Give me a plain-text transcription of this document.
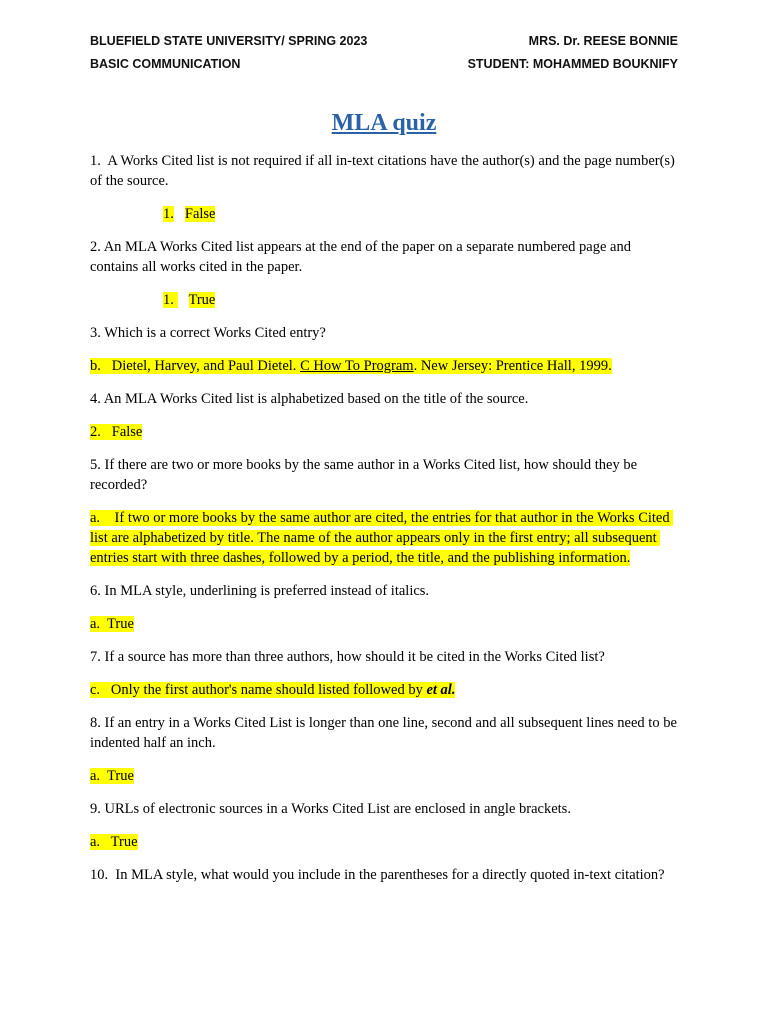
BLUEFIELD STATE UNIVERSITY/ SPRING 2023
BASIC COMMUNICATION
MRS. Dr. REESE BONNIE
STUDENT: MOHAMMED BOUKNIFY
MLA quiz

1.  A Works Cited list is not required if all in-text citations have the author(s) and the page number(s) of the source.

1. False

2. An MLA Works Cited list appears at the end of the paper on a separate numbered page and contains all works cited in the paper.

1. True

3. Which is a correct Works Cited entry?

b.   Dietel, Harvey, and Paul Dietel. C How To Program. New Jersey: Prentice Hall, 1999.

4. An MLA Works Cited list is alphabetized based on the title of the source.

2.   False

5. If there are two or more books by the same author in a Works Cited list, how should they be recorded?

a.    If two or more books by the same author are cited, the entries for that author in the Works Cited list are alphabetized by title. The name of the author appears only in the first entry; all subsequent entries start with three dashes, followed by a period, the title, and the publishing information.

6. In MLA style, underlining is preferred instead of italics.

a.  True

7. If a source has more than three authors, how should it be cited in the Works Cited list?

c.   Only the first author's name should listed followed by et al.

8. If an entry in a Works Cited List is longer than one line, second and all subsequent lines need to be indented half an inch.

a.  True

9. URLs of electronic sources in a Works Cited List are enclosed in angle brackets.

a.   True

10.  In MLA style, what would you include in the parentheses for a directly quoted in-text citation?
